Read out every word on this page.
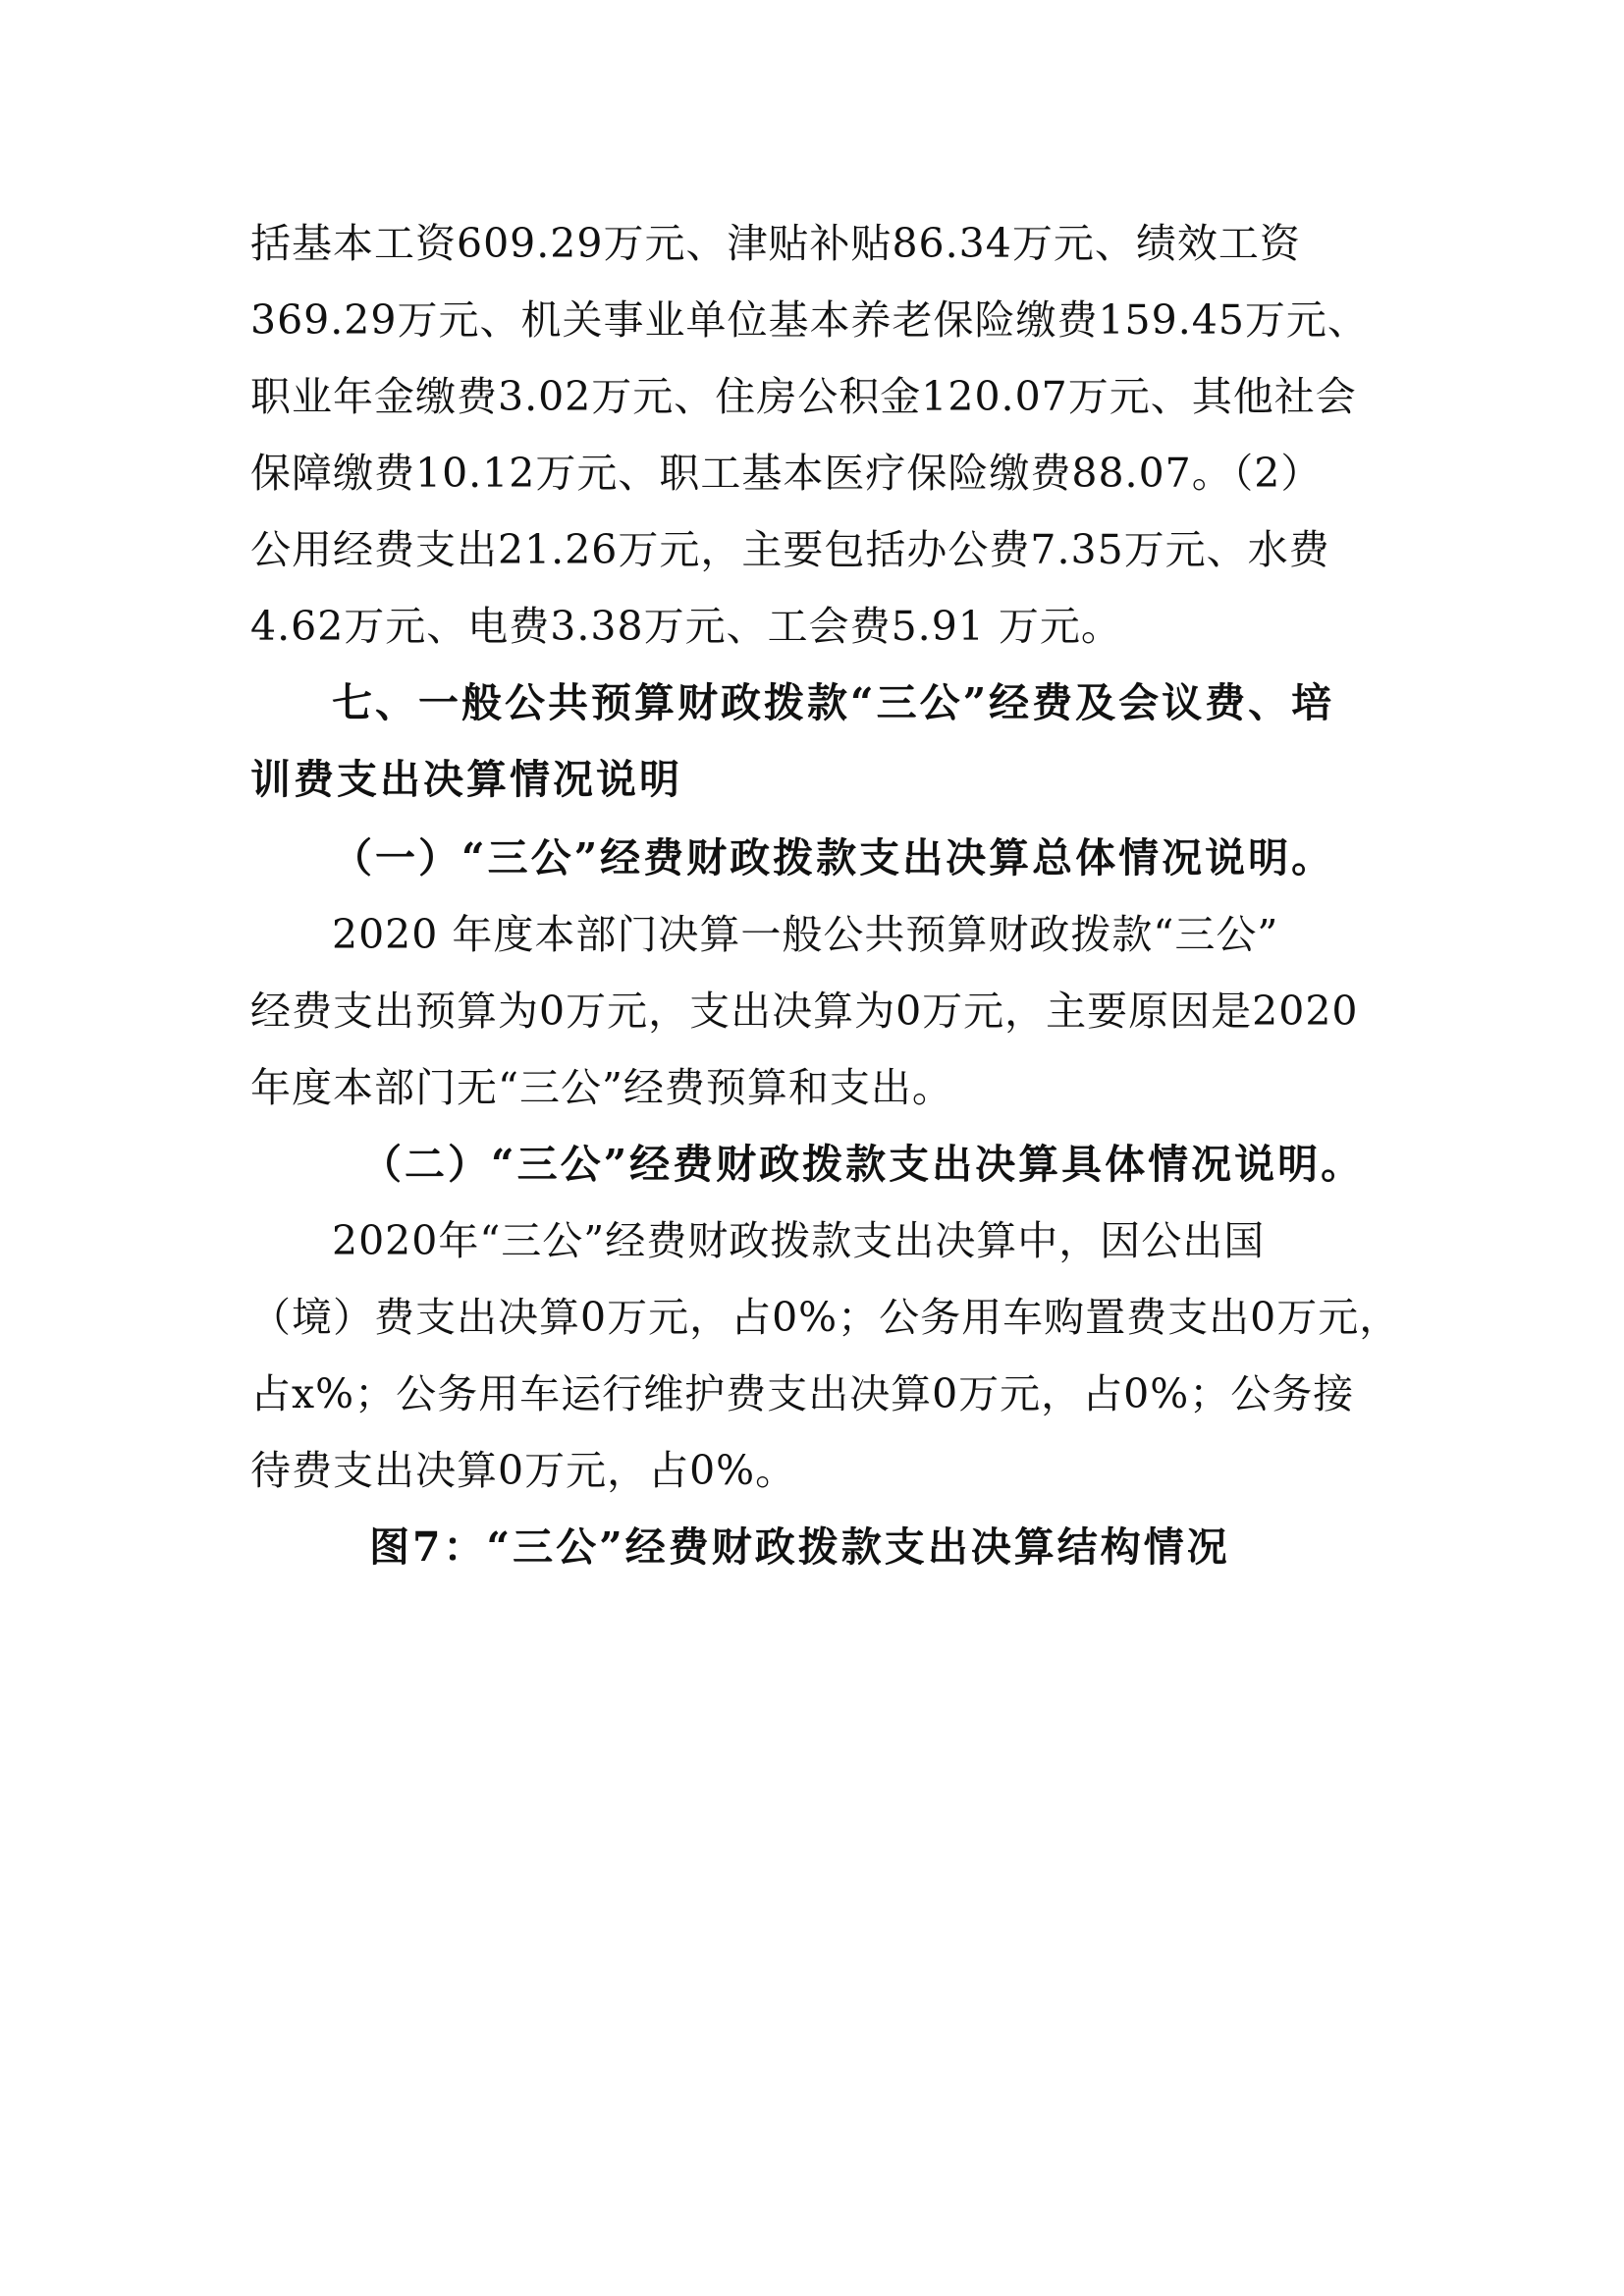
括基本工资609.29万元、津贴补贴86.34万元、绩效工资
369.29万元、机关事业单位基本养老保险缴费159.45万元、
职业年金缴费3.02万元、住房公积金120.07万元、其他社会
保障缴费10.12万元、职工基本医疗保险缴费88.07。（2）
公用经费支出21.26万元，主要包括办公费7.35万元、水费
4.62万元、电费3.38万元、工会费5.91 万元。
七、一般公共预算财政拨款“三公”经费及会议费、培
训费支出决算情况说明
（一）“三公”经费财政拨款支出决算总体情况说明。
2020 年度本部门决算一般公共预算财政拨款“三公”
经费支出预算为0万元，支出决算为0万元，主要原因是2020
年度本部门无“三公”经费预算和支出。
（二）“三公”经费财政拨款支出决算具体情况说明。
2020年“三公”经费财政拨款支出决算中，因公出国
（境）费支出决算0万元，占0%；公务用车购置费支出0万元，
占x%；公务用车运行维护费支出决算0万元，占0%；公务接
待费支出决算0万元，占0%。
图7：“三公”经费财政拨款支出决算结构情况
